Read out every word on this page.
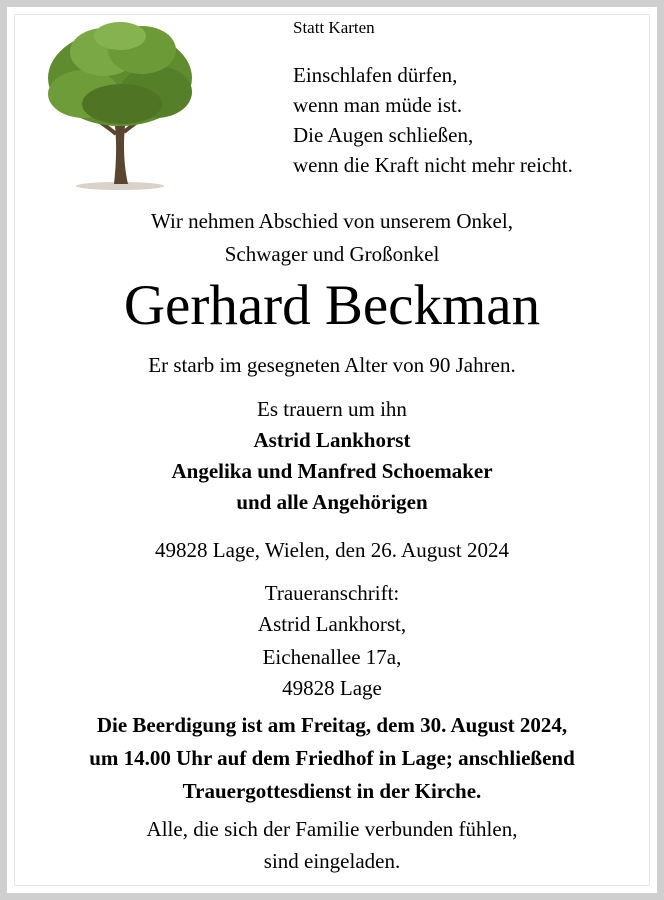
Statt Karten
Einschlafen dürfen,
wenn man müde ist.
Die Augen schließen,
wenn die Kraft nicht mehr reicht.
Wir nehmen Abschied von unserem Onkel,
Schwager und Großonkel
Gerhard Beckman
Er starb im gesegneten Alter von 90 Jahren.
Es trauern um ihn
Astrid Lankhorst
Angelika und Manfred Schoemaker
und alle Angehörigen
49828 Lage, Wielen, den 26. August 2024
Traueranschrift:
Astrid Lankhorst,
Eichenallee 17a,
49828 Lage
Die Beerdigung ist am Freitag, dem 30. August 2024,
um 14.00 Uhr auf dem Friedhof in Lage; anschließend
Trauergottesdienst in der Kirche.
Alle, die sich der Familie verbunden fühlen,
sind eingeladen.
